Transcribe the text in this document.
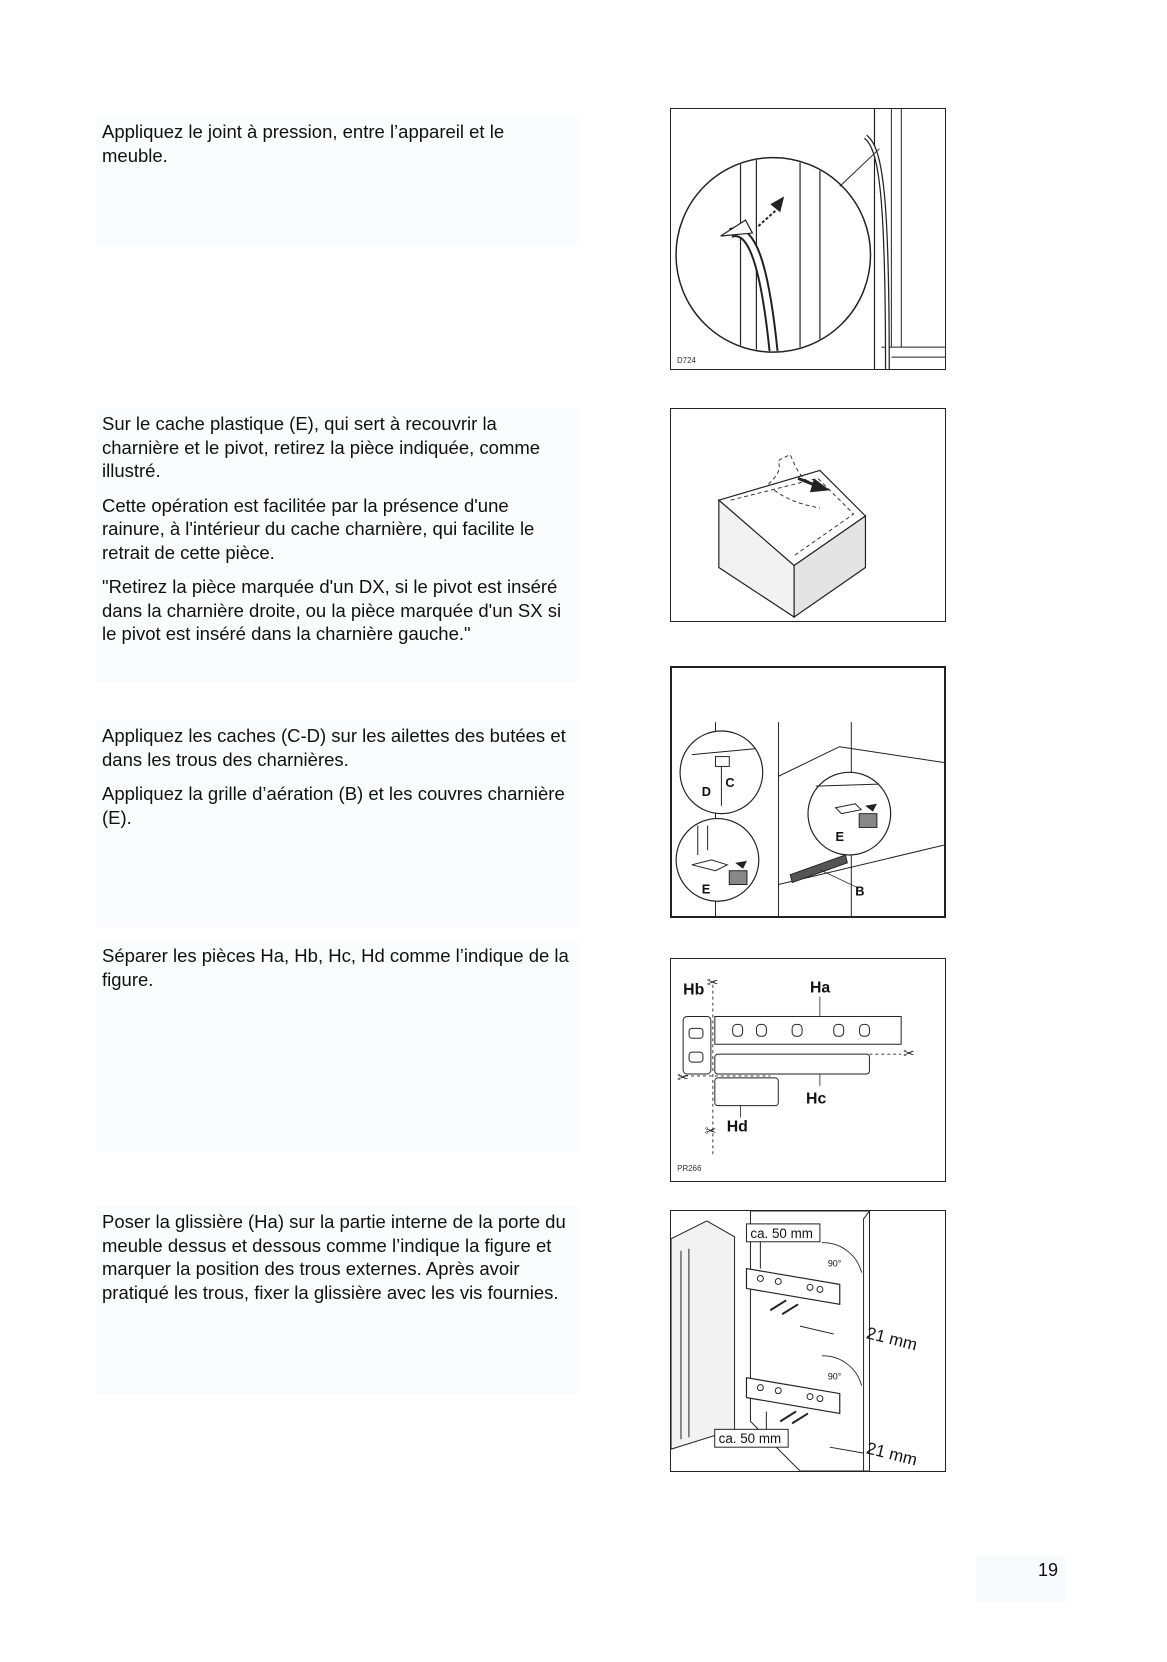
Appliquez le joint à pression, entre l’appareil et le meuble.

D724

Sur le cache plastique (E), qui sert à recouvrir la charnière et le pivot, retirez la pièce indiquée, comme illustré.

Cette opération est facilitée par la présence d'une rainure, à l'intérieur du cache charnière, qui facilite le retrait de cette pièce.

"Retirez la pièce marquée d'un DX, si le pivot est inséré dans la charnière droite, ou la pièce marquée d'un SX si le pivot est inséré dans la charnière gauche."

Appliquez les caches (C-D) sur les ailettes des butées et dans les trous des charnières.

Appliquez la grille d’aération (B) et les couvres charnière (E).

C
D
E
E
B

Séparer les pièces Ha, Hb, Hc, Hd comme l’indique de la figure.	✂
✂
✂
✂
Hb	Ha
Hc
Hd
PR266

Poser la glissière (Ha) sur la partie interne de la porte du meuble dessus et dessous comme l’indique la figure et marquer la position des trous externes. Après avoir pratiqué les trous, fixer la glissière avec les vis fournies.

ca. 50 mm
ca. 50 mm
90°
90°
21 mm
21 mm
19
